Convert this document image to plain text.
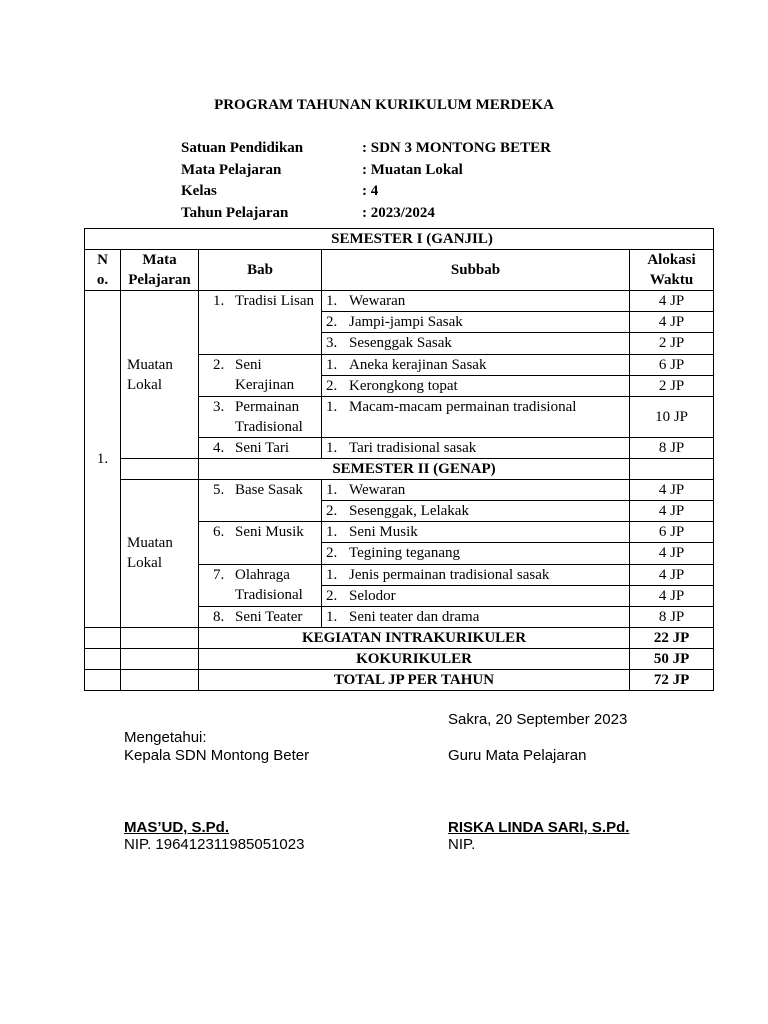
PROGRAM TAHUNAN KURIKULUM MERDEKA
Satuan Pendidikan	: SDN 3 MONTONG BETER
Mata Pelajaran	: Muatan Lokal
Kelas	: 4
Tahun Pelajaran	: 2023/2024
SEMESTER I (GANJIL)				
No.	Mata Pelajaran	Bab	Subbab	Alokasi Waktu
1.	Muatan Lokal	1. Tradisi Lisan	1. Wewaran	4 JP

			2. Jampi-jampi Sasak	4 JP

			3. Sesenggak Sasak	2 JP

		2. Seni Kerajinan	1. Aneka kerajinan Sasak	6 JP

			2. Kerongkong topat	2 JP

		3. Permainan Tradisional	1. Macam-macam permainan tradisional	10 JP

		4. Seni Tari	1. Tari tradisional sasak	8 JP
		SEMESTER II (GENAP)		
	Muatan Lokal	5. Base Sasak	1. Wewaran	4 JP

			2. Sesenggak, Lelakak	4 JP

		6. Seni Musik	1. Seni Musik	6 JP

			2. Tegining teganang	4 JP

		7. Olahraga Tradisional	1. Jenis permainan tradisional sasak	4 JP

			2. Selodor	4 JP

		8. Seni Teater	1. Seni teater dan drama	8 JP
		KEGIATAN INTRAKURIKULER		22 JP
		KOKURIKULER		50 JP
		TOTAL JP PER TAHUN		72 JP
Sakra, 20 September 2023
Mengetahui:
Kepala SDN Montong Beter	Guru Mata Pelajaran
MAS’UD, S.Pd.
NIP. 196412311985051023
RISKA LINDA SARI, S.Pd.
NIP.
